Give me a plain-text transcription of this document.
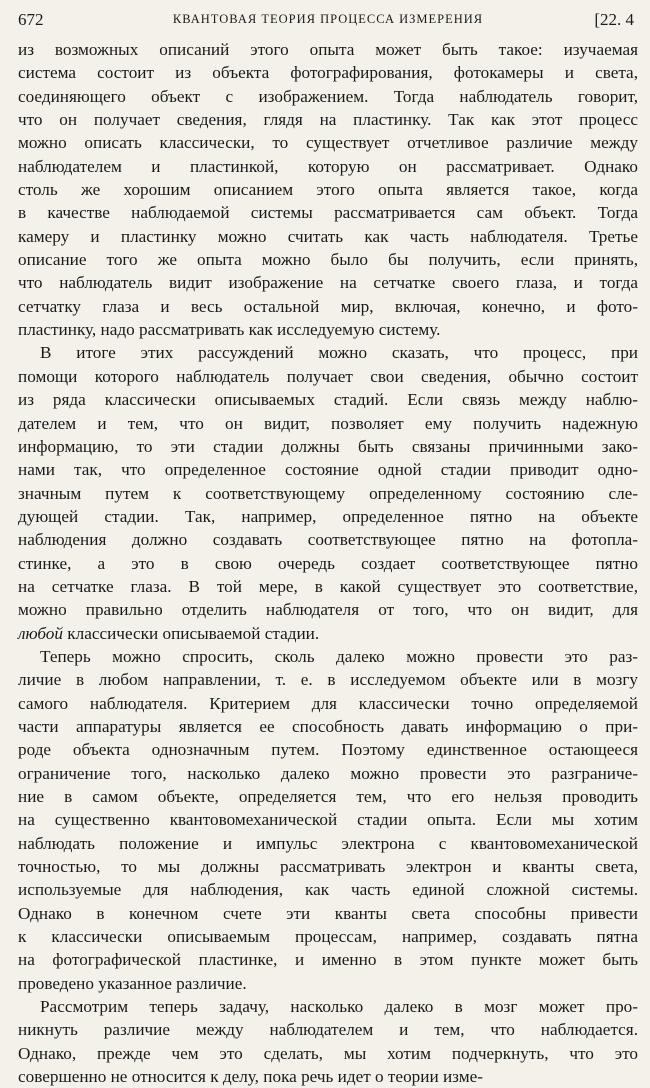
672	КВАНТОВАЯ ТЕОРИЯ ПРОЦЕССА ИЗМЕРЕНИЯ	[22. 4

из возможных описаний этого опыта может быть такое: изучаемая
система состоит из объекта фотографирования, фотокамеры и света,
соединяющего объект с изображением. Тогда наблюдатель говорит,
что он получает сведения, глядя на пластинку. Так как этот процесс
можно описать классически, то существует отчетливое различие между
наблюдателем и пластинкой, которую он рассматривает. Однако
столь же хорошим описанием этого опыта является такое, когда
в качестве наблюдаемой системы рассматривается сам объект. Тогда
камеру и пластинку можно считать как часть наблюдателя. Третье
описание того же опыта можно было бы получить, если принять,
что наблюдатель видит изображение на сетчатке своего глаза, и тогда
сетчатку глаза и весь остальной мир, включая, конечно, и фото-
пластинку, надо рассматривать как исследуемую систему.

В итоге этих рассуждений можно сказать, что процесс, при
помощи которого наблюдатель получает свои сведения, обычно состоит
из ряда классически описываемых стадий. Если связь между наблю-
дателем и тем, что он видит, позволяет ему получить надежную
информацию, то эти стадии должны быть связаны причинными зако-
нами так, что определенное состояние одной стадии приводит одно-
значным путем к соответствующему определенному состоянию сле-
дующей стадии. Так, например, определенное пятно на объекте
наблюдения должно создавать соответствующее пятно на фотопла-
стинке, а это в свою очередь создает соответствующее пятно
на сетчатке глаза. В той мере, в какой существует это соответствие,
можно правильно отделить наблюдателя от того, что он видит, для
любой классически описываемой стадии.

Теперь можно спросить, сколь далеко можно провести это раз-
личие в любом направлении, т. е. в исследуемом объекте или в мозгу
самого наблюдателя. Критерием для классически точно определяемой
части аппаратуры является ее способность давать информацию о при-
роде объекта однозначным путем. Поэтому единственное остающееся
ограничение того, насколько далеко можно провести это разграниче-
ние в самом объекте, определяется тем, что его нельзя проводить
на существенно квантовомеханической стадии опыта. Если мы хотим
наблюдать положение и импульс электрона с квантовомеханической
точностью, то мы должны рассматривать электрон и кванты света,
используемые для наблюдения, как часть единой сложной системы.
Однако в конечном счете эти кванты света способны привести
к классически описываемым процессам, например, создавать пятна
на фотографической пластинке, и именно в этом пункте может быть
проведено указанное различие.

Рассмотрим теперь задачу, насколько далеко в мозг может про-
никнуть различие между наблюдателем и тем, что наблюдается.
Однако, прежде чем это сделать, мы хотим подчеркнуть, что это
совершенно не относится к делу, пока речь идет о теории изме-
